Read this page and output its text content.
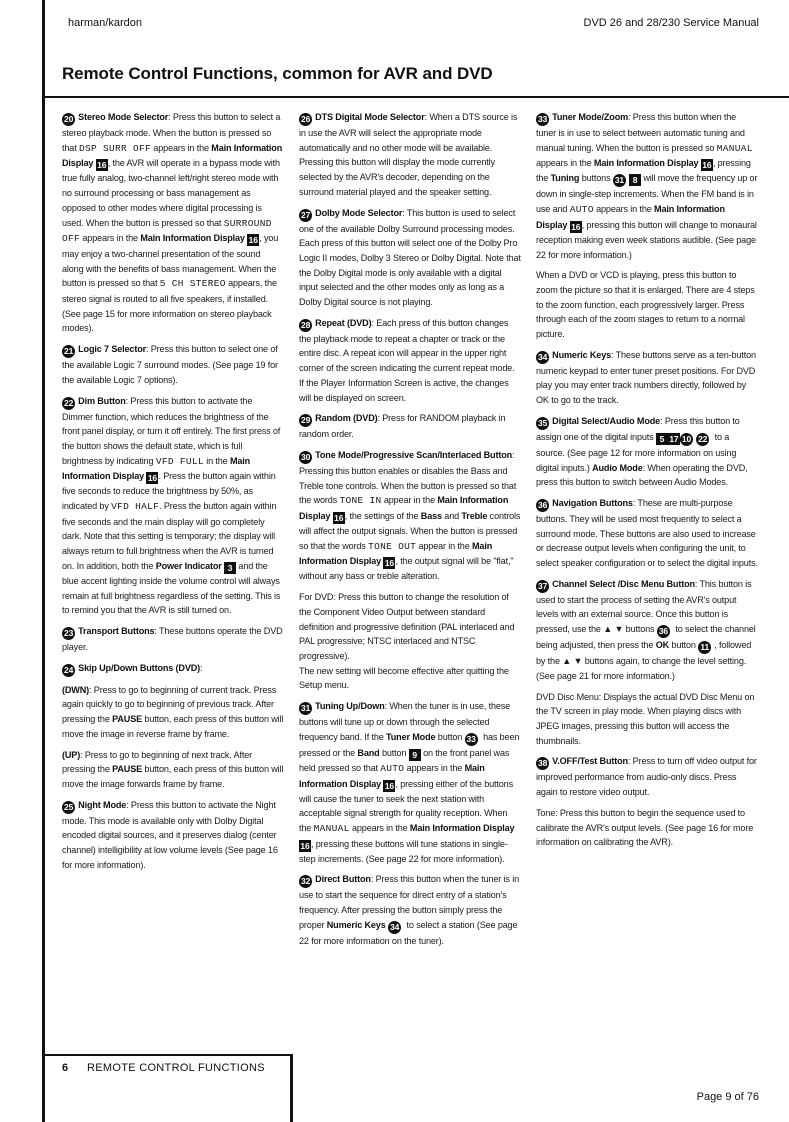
harman/kardon	DVD 26 and 28/230 Service Manual
Remote Control Functions, common for AVR and DVD

20 Stereo Mode Selector: Press this button to select a stereo playback mode. When the button is pressed so that DSP SURR OFF appears in the Main Information Display 16, the AVR will operate in a bypass mode with true fully analog, two-channel left/right stereo mode with no surround processing or bass management as opposed to other modes where digital processing is used. When the button is pressed so that SURROUND OFF appears in the Main Information Display 16, you may enjoy a two-channel presentation of the sound along with the benefits of bass management. When the button is pressed so that 5 CH STEREO appears, the stereo signal is routed to all five speakers, if installed.(See page 15 for more information on stereo playback modes).

21 Logic 7 Selector: Press this button to select one of the available Logic 7 surround modes. (See page 19 for the available Logic 7 options).

22 Dim Button: Press this button to activate the Dimmer function, which reduces the brightness of the front panel display, or turn it off entirely. The first press of the button shows the default state, which is full brightness by indicating VFD FULL in the Main Information Display 16. Press the button again within five seconds to reduce the brightness by 50%, as indicated by VFD HALF. Press the button again within five seconds and the main display will go completely dark. Note that this setting is temporary; the display will always return to full brightness when the AVR is turned on. In addition, both the Power Indicator 3 and the blue accent lighting inside the volume control will always remain at full brightness regardless of the setting. This is to remind you that the AVR is still turned on.

23 Transport Buttons: These buttons operate the DVD player.

24 Skip Up/Down Buttons (DVD):

(DWN): Press to go to beginning of current track. Press again quickly to go to beginning of previous track. After pressing the PAUSE button, each press of this button will move the image in reverse frame by frame.

(UP): Press to go to beginning of next track. After pressing the PAUSE button, each press of this button will move the image forwards frame by frame.

25 Night Mode: Press this button to activate the Night mode. This mode is available only with Dolby Digital encoded digital sources, and it preserves dialog (center channel) intelligibility at low volume levels (See page 16 for more information).

26 DTS Digital Mode Selector: When a DTS source is in use the AVR will select the appropriate mode automatically and no other mode will be available. Pressing this button will display the mode currently selected by the AVR's decoder, depending on the surround material played and the speaker setting.

27 Dolby Mode Selector: This button is used to select one of the available Dolby Surround processing modes. Each press of this button will select one of the Dolby Pro Logic II modes, Dolby 3 Stereo or Dolby Digital. Note that the Dolby Digital mode is only available with a digital input selected and the other modes only as long as a Dolby Digital source is not playing.

28 Repeat (DVD): Each press of this button changes the playback mode to repeat a chapter or track or the entire disc. A repeat icon will appear in the upper right corner of the screen indicating the current repeat mode. If the Player Information Screen is active, the changes will be displayed on screen.

29 Random (DVD): Press for RANDOM playback in random order.

30 Tone Mode/Progressive Scan/Interlaced Button: Pressing this button enables or disables the Bass and Treble tone controls. When the button is pressed so that the words TONE IN appear in the Main Information Display 16, the settings of the Bass and Treble controls will affect the output signals. When the button is pressed so that the words TONE OUT appear in the Main Information Display 16, the output signal will be "flat," without any bass or treble alteration.

For DVD: Press this button to change the resolution of the Component Video Output between standard definition and progressive definition (PAL interlaced and PAL progressive; NTSC interlaced and NTSC progressive).
The new setting will become effective after quitting the Setup menu.

31 Tuning Up/Down: When the tuner is in use, these buttons will tune up or down through the selected frequency band. If the Tuner Mode button 33 has been pressed or the Band button 9 on the front panel was held pressed so that AUTO appears in the Main Information Display 16, pressing either of the buttons will cause the tuner to seek the next station with acceptable signal strength for quality reception. When the MANUAL appears in the Main Information Display 16, pressing these buttons will tune stations in single-step increments. (See page 22 for more information).

32 Direct Button: Press this button when the tuner is in use to start the sequence for direct entry of a station's frequency. After pressing the button simply press the proper Numeric Keys 34 to select a station (See page 22 for more information on the tuner).

33 Tuner Mode/Zoom: Press this button when the tuner is in use to select between automatic tuning and manual tuning. When the button is pressed so MANUAL appears in the Main Information Display 16, pressing the Tuning buttons 31 8 will move the frequency up or down in single-step increments. When the FM band is in use and AUTO appears in the Main Information Display 16, pressing this button will change to monaural reception making even week stations audible. (See page 22 for more information.)

When a DVD or VCD is playing, press this button to zoom the picture so that it is enlarged. There are 4 steps to the zoom function, each progressively larger. Press through each of the zoom stages to return to a normal picture.

34 Numeric Keys: These buttons serve as a ten-button numeric keypad to enter tuner preset positions. For DVD play you may enter track numbers directly, followed by OK to go to the track.

35 Digital Select/Audio Mode: Press this button to assign one of the digital inputs 5 17 10 22 to a source. (See page 12 for more information on using digital inputs.) Audio Mode: When operating the DVD, press this button to switch between Audio Modes.

36 Navigation Buttons: These are multi-purpose buttons. They will be used most frequently to select a surround mode. These buttons are also used to increase or decrease output levels when configuring the unit, to select speaker configuration or to select the digital inputs.

37 Channel Select /Disc Menu Button: This button is used to start the process of setting the AVR's output levels with an external source. Once this button is pressed, use the ▲ ▼ buttons 36 to select the channel being adjusted, then press the OK button 11 , followed by the ▲ ▼ buttons again, to change the level setting. (See page 21 for more information.)

DVD Disc Menu: Displays the actual DVD Disc Menu on the TV screen in play mode. When playing discs with JPEG images, pressing this button will access the thumbnails.

38 V.OFF/Test Button: Press to turn off video output for improved performance from audio-only discs. Press again to restore video output.

Tone: Press this button to begin the sequence used to calibrate the AVR's output levels. (See page 16 for more information on calibrating the AVR).

6 REMOTE CONTROL FUNCTIONS
Page 9 of 76
